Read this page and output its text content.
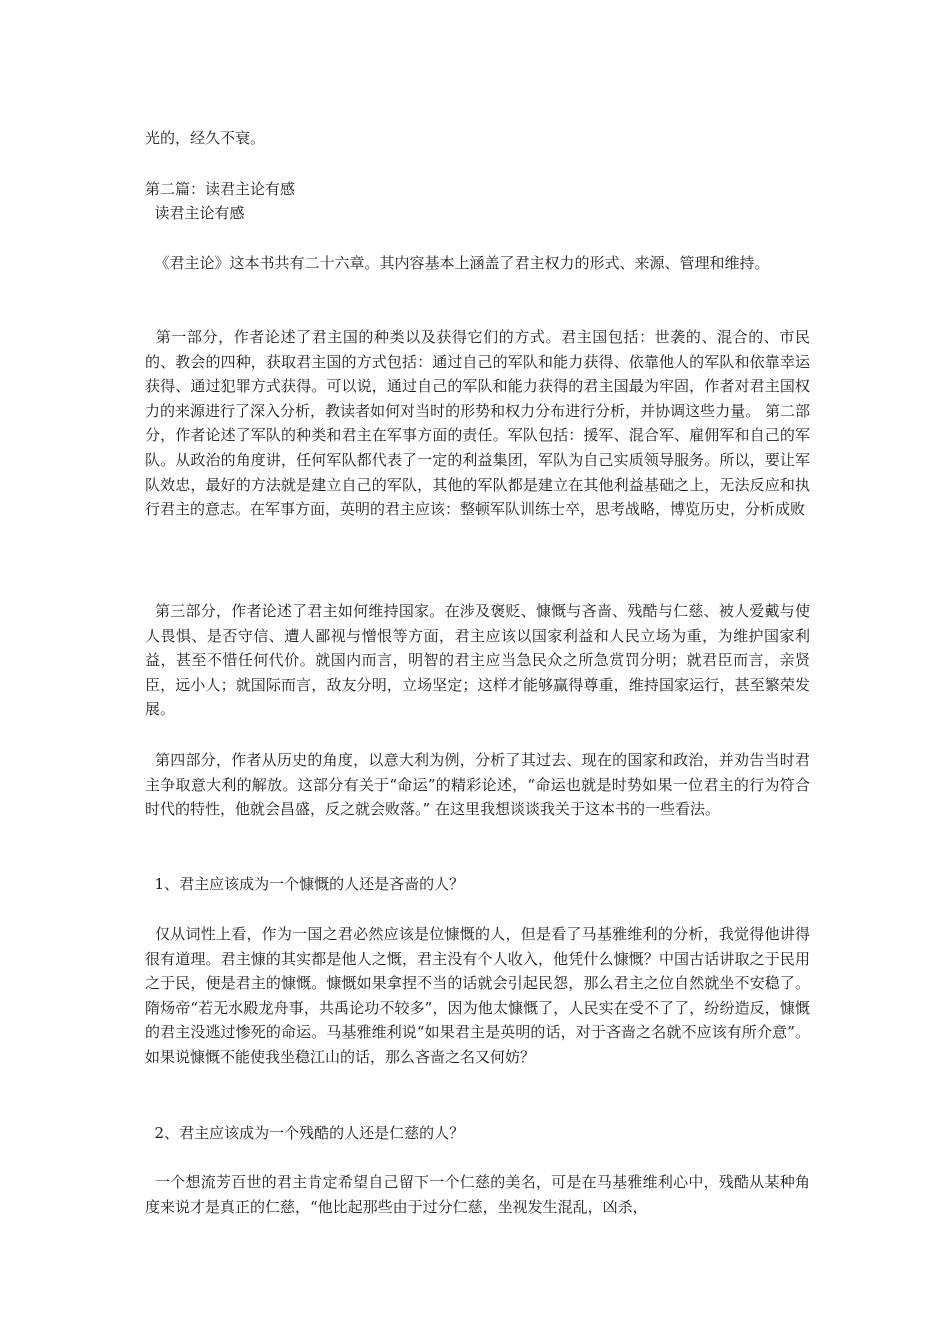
光的，经久不衰。

第二篇：读君主论有感

读君主论有感

《君主论》这本书共有二十六章。其内容基本上涵盖了君主权力的形式、来源、管理和维持。

第一部分，作者论述了君主国的种类以及获得它们的方式。君主国包括：世袭的、混合的、市民的、教会的四种，获取君主国的方式包括：通过自己的军队和能力获得、依靠他人的军队和依靠幸运获得、通过犯罪方式获得。可以说，通过自己的军队和能力获得的君主国最为牢固，作者对君主国权力的来源进行了深入分析，教读者如何对当时的形势和权力分布进行分析，并协调这些力量。 第二部分，作者论述了军队的种类和君主在军事方面的责任。军队包括：援军、混合军、雇佣军和自己的军队。从政治的角度讲，任何军队都代表了一定的利益集团，军队为自己实质领导服务。所以，要让军队效忠，最好的方法就是建立自己的军队，其他的军队都是建立在其他利益基础之上，无法反应和执行君主的意志。在军事方面，英明的君主应该：整顿军队训练士卒，思考战略，博览历史，分析成败

第三部分，作者论述了君主如何维持国家。在涉及褒贬、慷慨与吝啬、残酷与仁慈、被人爱戴与使人畏惧、是否守信、遭人鄙视与憎恨等方面，君主应该以国家利益和人民立场为重，为维护国家利益，甚至不惜任何代价。就国内而言，明智的君主应当急民众之所急赏罚分明；就君臣而言，亲贤臣，远小人；就国际而言，敌友分明，立场坚定；这样才能够赢得尊重，维持国家运行，甚至繁荣发展。

第四部分，作者从历史的角度，以意大利为例，分析了其过去、现在的国家和政治，并劝告当时君主争取意大利的解放。这部分有关于“命运”的精彩论述，“命运也就是时势如果一位君主的行为符合时代的特性，他就会昌盛，反之就会败落。” 在这里我想谈谈我关于这本书的一些看法。

1、君主应该成为一个慷慨的人还是吝啬的人？

仅从词性上看，作为一国之君必然应该是位慷慨的人，但是看了马基雅维利的分析，我觉得他讲得很有道理。君主慷的其实都是他人之慨，君主没有个人收入，他凭什么慷慨？中国古话讲取之于民用之于民，便是君主的慷慨。慷慨如果拿捏不当的话就会引起民怨，那么君主之位自然就坐不安稳了。隋炀帝“若无水殿龙舟事，共禹论功不较多”，因为他太慷慨了，人民实在受不了了，纷纷造反，慷慨的君主没逃过惨死的命运。马基雅维利说“如果君主是英明的话，对于吝啬之名就不应该有所介意”。如果说慷慨不能使我坐稳江山的话，那么吝啬之名又何妨？

2、君主应该成为一个残酷的人还是仁慈的人？

一个想流芳百世的君主肯定希望自己留下一个仁慈的美名，可是在马基雅维利心中，残酷从某种角度来说才是真正的仁慈，“他比起那些由于过分仁慈，坐视发生混乱，凶杀，
